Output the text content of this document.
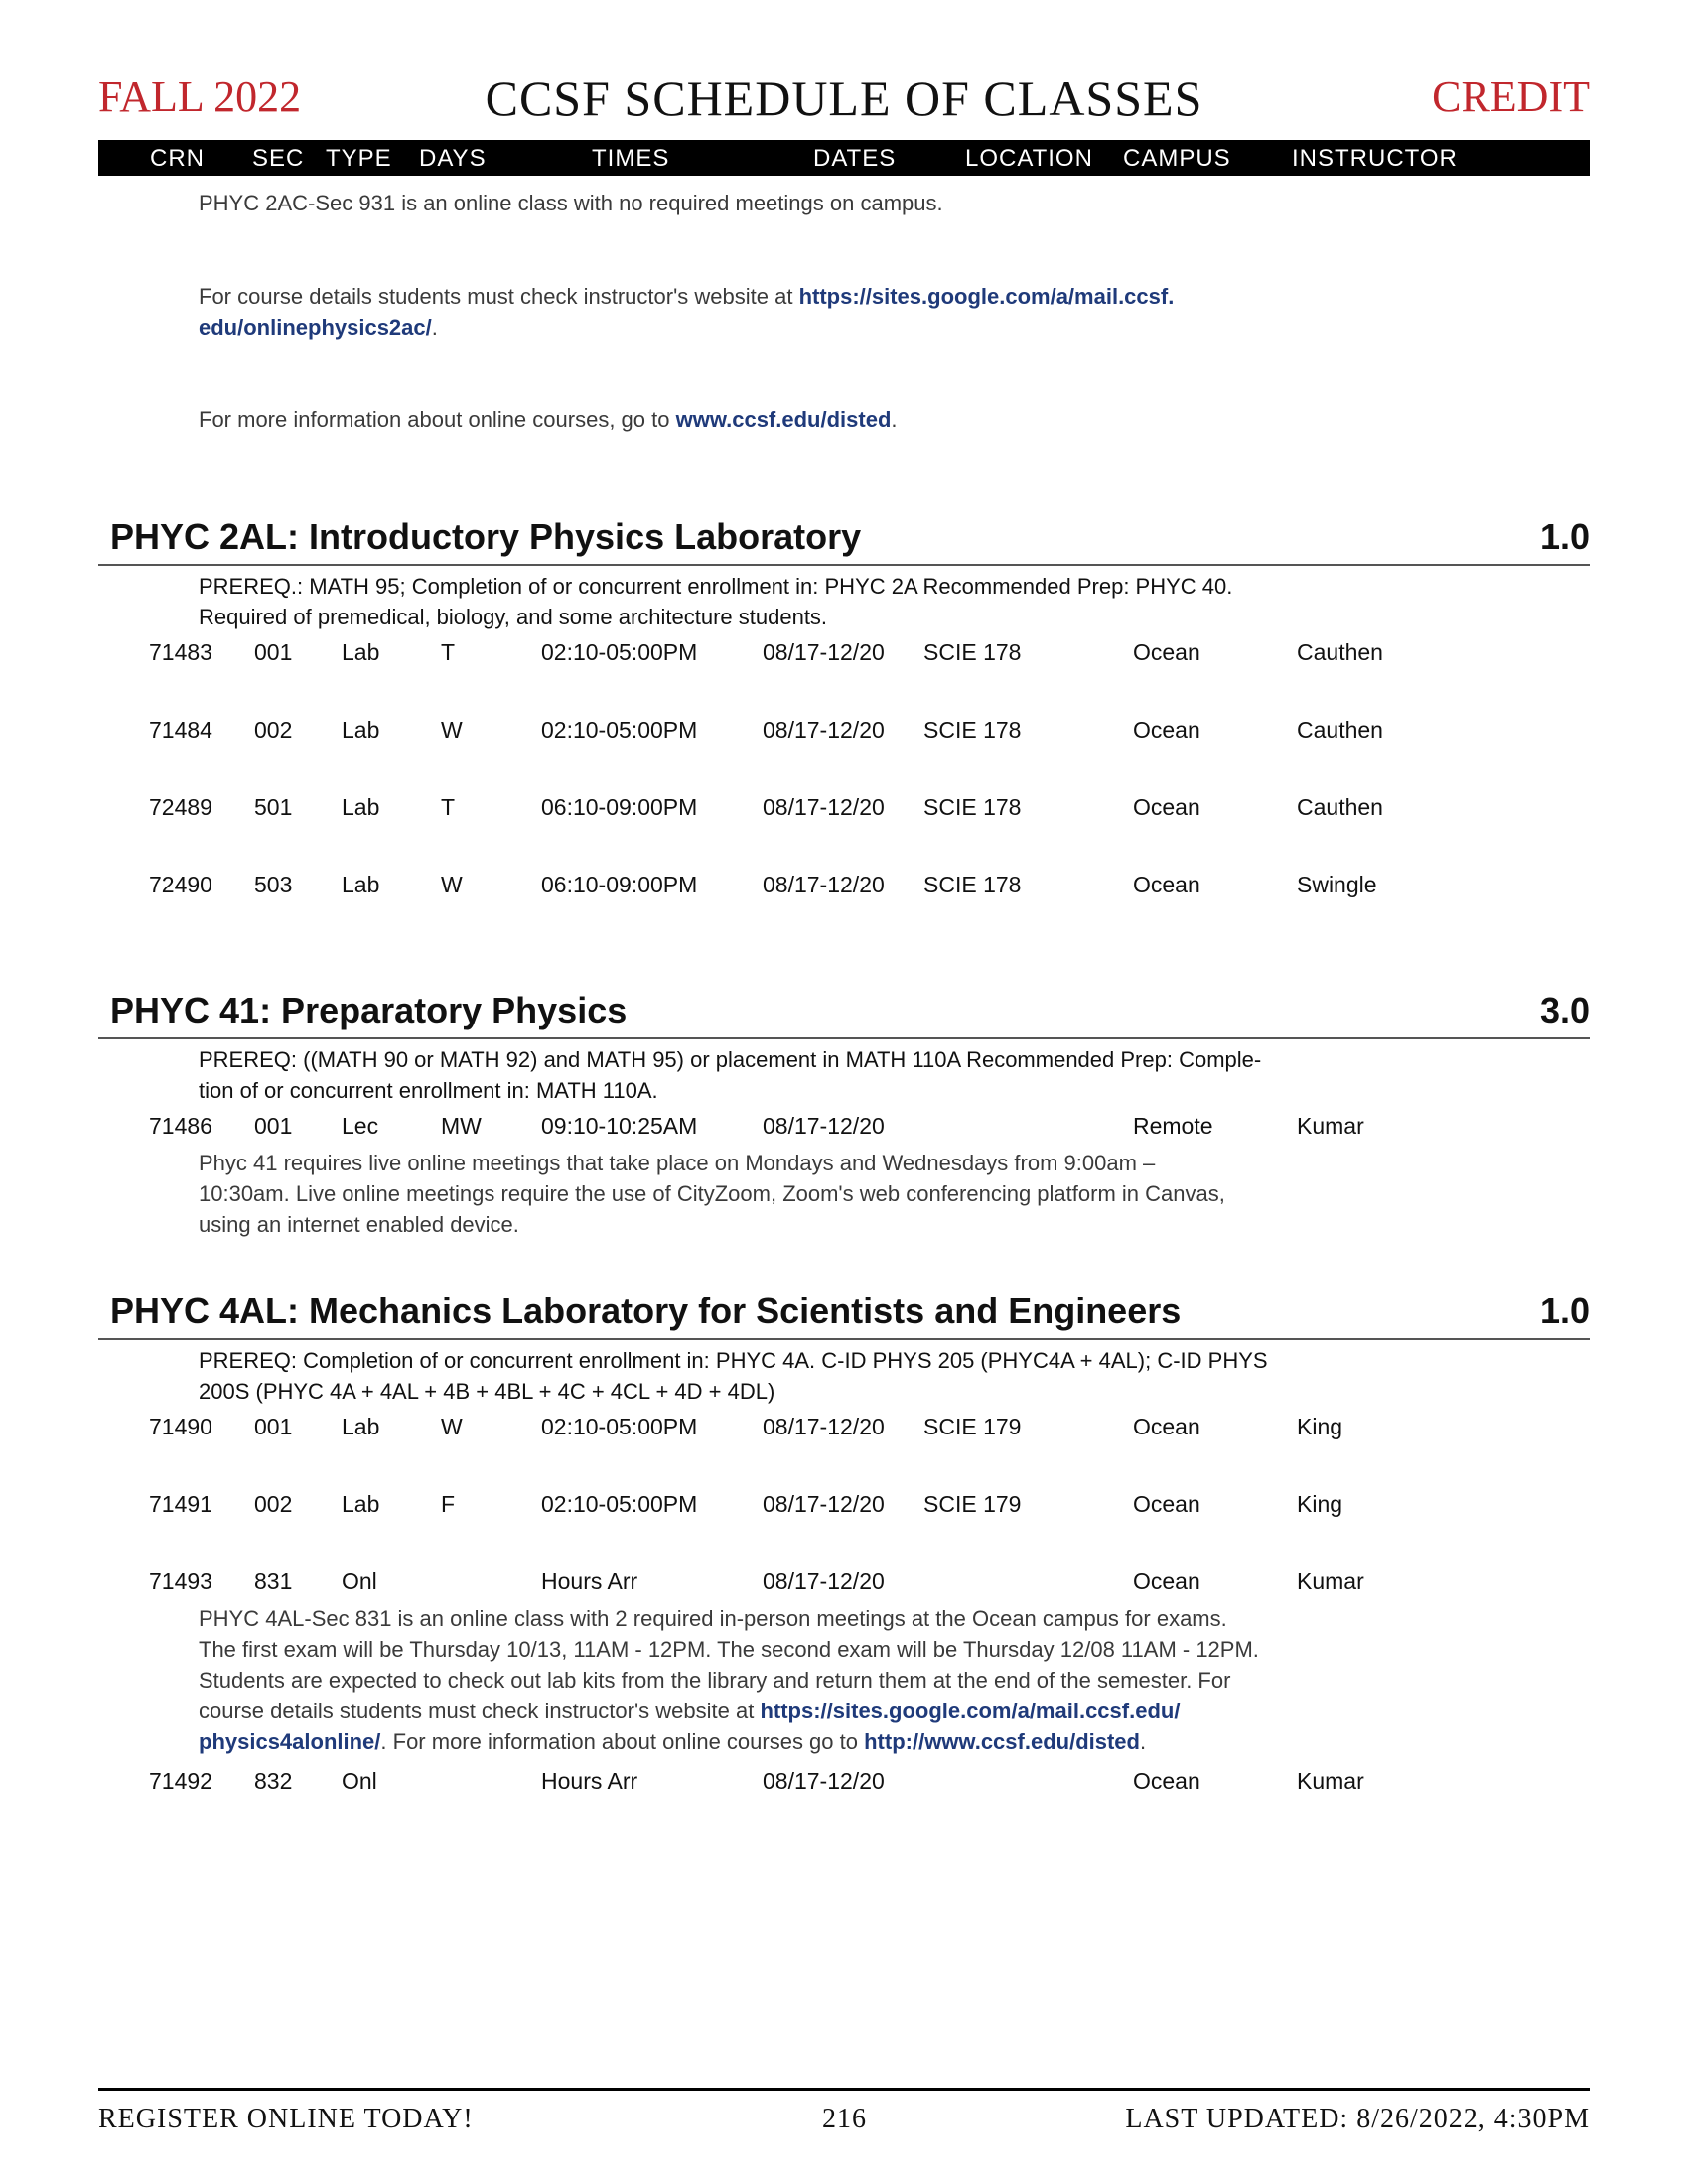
FALL 2022	CCSF SCHEDULE OF CLASSES	CREDIT
CRN SEC TYPE DAYS	TIMES	DATES	LOCATION CAMPUS	INSTRUCTOR
PHYC 2AC-Sec 931 is an online class with no required meetings on campus.
For course details students must check instructor's website at https://sites.google.com/a/mail.ccsf.
edu/onlinephysics2ac/.
For more information about online courses, go to www.ccsf.edu/disted.
PHYC 2AL: Introductory Physics Laboratory	1.0
PREREQ.: MATH 95; Completion of or concurrent enrollment in: PHYC 2A Recommended Prep: PHYC 40.
Required of premedical, biology, and some architecture students.
71483 001 Lab	T	02:10-05:00PM	08/17-12/20 SCIE 178	Ocean	Cauthen
71484 002 Lab	W	02:10-05:00PM	08/17-12/20 SCIE 178	Ocean	Cauthen
72489 501 Lab	T	06:10-09:00PM	08/17-12/20 SCIE 178	Ocean	Cauthen
72490 503 Lab	W	06:10-09:00PM	08/17-12/20 SCIE 178	Ocean	Swingle
PHYC 41: Preparatory Physics	3.0
PREREQ: ((MATH 90 or MATH 92) and MATH 95) or placement in MATH 110A Recommended Prep: Comple-
tion of or concurrent enrollment in: MATH 110A.
71486 001 Lec	MW	09:10-10:25AM	08/17-12/20	Remote	Kumar
Phyc 41 requires live online meetings that take place on Mondays and Wednesdays from 9:00am –
10:30am. Live online meetings require the use of CityZoom, Zoom's web conferencing platform in Canvas,
using an internet enabled device.
PHYC 4AL: Mechanics Laboratory for Scientists and Engineers	1.0
PREREQ: Completion of or concurrent enrollment in: PHYC 4A. C-ID PHYS 205 (PHYC4A + 4AL); C-ID PHYS
200S (PHYC 4A + 4AL + 4B + 4BL + 4C + 4CL + 4D + 4DL)
71490 001 Lab	W	02:10-05:00PM	08/17-12/20 SCIE 179	Ocean	King
71491 002 Lab	F	02:10-05:00PM	08/17-12/20 SCIE 179	Ocean	King
71493 831 Onl	Hours Arr	08/17-12/20	Ocean	Kumar
PHYC 4AL-Sec 831 is an online class with 2 required in-person meetings at the Ocean campus for exams.
The first exam will be Thursday 10/13, 11AM - 12PM. The second exam will be Thursday 12/08 11AM - 12PM.
Students are expected to check out lab kits from the library and return them at the end of the semester. For
course details students must check instructor's website at https://sites.google.com/a/mail.ccsf.edu/
physics4alonline/. For more information about online courses go to http://www.ccsf.edu/disted.
71492 832 Onl	Hours Arr	08/17-12/20	Ocean	Kumar
REGISTER ONLINE TODAY!	216	LAST UPDATED: 8/26/2022, 4:30PM
